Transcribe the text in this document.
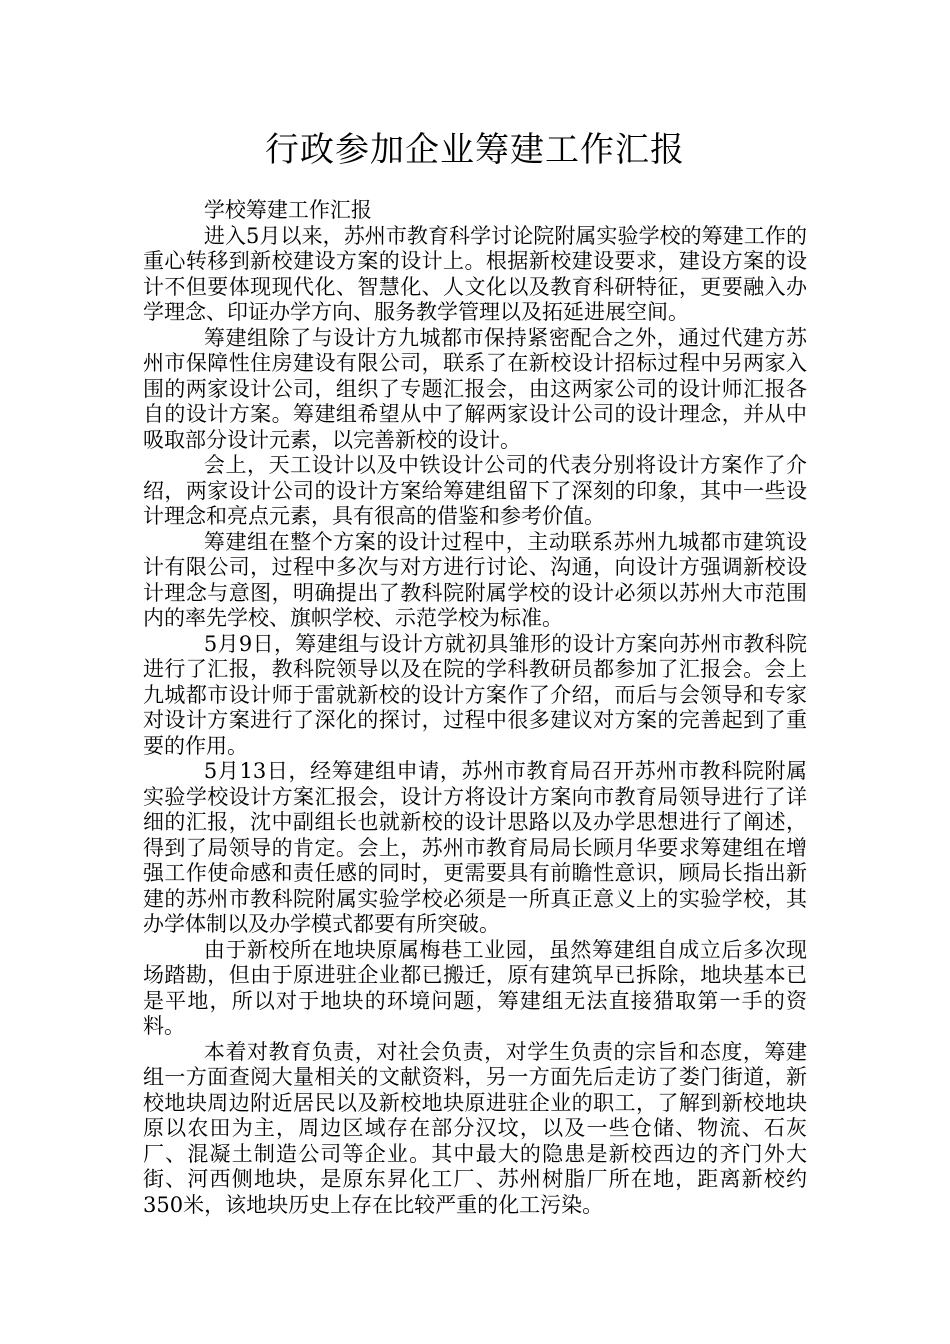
行政参加企业筹建工作汇报

学校筹建工作汇报

进入5月以来，苏州市教育科学讨论院附属实验学校的筹建工作的重心转移到新校建设方案的设计上。根据新校建设要求，建设方案的设计不但要体现现代化、智慧化、人文化以及教育科研特征，更要融入办学理念、印证办学方向、服务教学管理以及拓延进展空间。

筹建组除了与设计方九城都市保持紧密配合之外，通过代建方苏州市保障性住房建设有限公司，联系了在新校设计招标过程中另两家入围的两家设计公司，组织了专题汇报会，由这两家公司的设计师汇报各自的设计方案。筹建组希望从中了解两家设计公司的设计理念，并从中吸取部分设计元素，以完善新校的设计。

会上，天工设计以及中铁设计公司的代表分别将设计方案作了介绍，两家设计公司的设计方案给筹建组留下了深刻的印象，其中一些设计理念和亮点元素，具有很高的借鉴和参考价值。

筹建组在整个方案的设计过程中，主动联系苏州九城都市建筑设计有限公司，过程中多次与对方进行讨论、沟通，向设计方强调新校设计理念与意图，明确提出了教科院附属学校的设计必须以苏州大市范围内的率先学校、旗帜学校、示范学校为标准。

5月9日，筹建组与设计方就初具雏形的设计方案向苏州市教科院进行了汇报，教科院领导以及在院的学科教研员都参加了汇报会。会上九城都市设计师于雷就新校的设计方案作了介绍，而后与会领导和专家对设计方案进行了深化的探讨，过程中很多建议对方案的完善起到了重要的作用。

5月13日，经筹建组申请，苏州市教育局召开苏州市教科院附属实验学校设计方案汇报会，设计方将设计方案向市教育局领导进行了详细的汇报，沈中副组长也就新校的设计思路以及办学思想进行了阐述，得到了局领导的肯定。会上，苏州市教育局局长顾月华要求筹建组在增强工作使命感和责任感的同时，更需要具有前瞻性意识，顾局长指出新建的苏州市教科院附属实验学校必须是一所真正意义上的实验学校，其办学体制以及办学模式都要有所突破。

由于新校所在地块原属梅巷工业园，虽然筹建组自成立后多次现场踏勘，但由于原进驻企业都已搬迁，原有建筑早已拆除，地块基本已是平地，所以对于地块的环境问题，筹建组无法直接猎取第一手的资料。

本着对教育负责，对社会负责，对学生负责的宗旨和态度，筹建组一方面查阅大量相关的文献资料，另一方面先后走访了娄门街道，新校地块周边附近居民以及新校地块原进驻企业的职工，了解到新校地块原以农田为主，周边区域存在部分汉坟，以及一些仓储、物流、石灰厂、混凝土制造公司等企业。其中最大的隐患是新校西边的齐门外大街、河西侧地块，是原东昇化工厂、苏州树脂厂所在地，距离新校约350米，该地块历史上存在比较严重的化工污染。
